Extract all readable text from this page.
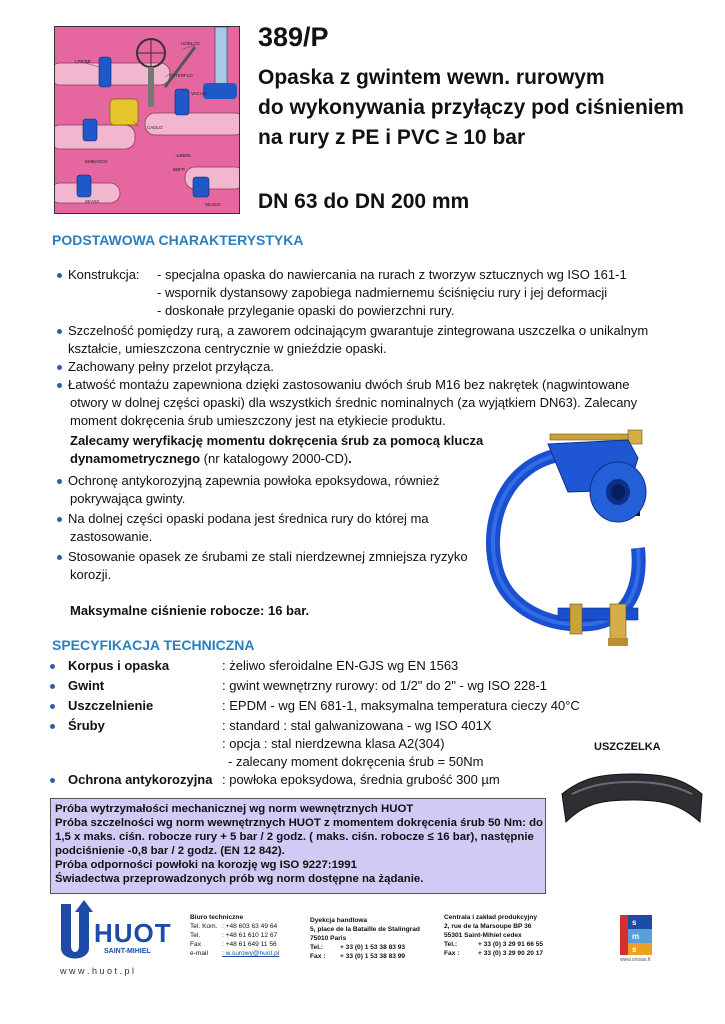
LPB/BB
UOBLOC
FUTERFLO
VACUO
CADLO
LPB/M
EMBASCO
BBFP
SEA53
SEAEO
389/P
Opaska z gwintem wewn. rurowym
do wykonywania przyłączy pod ciśnieniem
na rury z PE i PVC ≥ 10 bar
DN 63 do DN 200 mm
PODSTAWOWA CHARAKTERYSTYKA
Konstrukcja: - specjalna opaska do nawiercania na rurach z tworzyw sztucznych wg ISO 161-1
- wspornik dystansowy zapobiega nadmiernemu ściśnięciu rury i jej deformacji
- doskonałe przyleganie opaski do powierzchni rury.
Szczelność pomiędzy rurą, a zaworem odcinającym gwarantuje zintegrowana uszczelka o unikalnym
kształcie, umieszczona centrycznie w gnieździe opaski.
Zachowany pełny przelot przyłącza.
Łatwość montażu zapewniona dzięki zastosowaniu dwóch śrub M16 bez nakrętek (nagwintowane
otwory w dolnej części opaski) dla wszystkich średnic nominalnych (za wyjątkiem DN63). Zalecany
moment dokręcenia śrub umieszczony jest na etykiecie produktu.
Zalecamy weryfikację momentu dokręcenia śrub za pomocą klucza
dynamometrycznego (nr katalogowy 2000-CD).
Ochronę antykorozyjną zapewnia powłoka epoksydowa, również
pokrywająca gwinty.
Na dolnej części opaski podana jest średnica rury do której ma
zastosowanie.
Stosowanie opasek ze śrubami ze stali nierdzewnej zmniejsza ryzyko
korozji.
Maksymalne ciśnienie robocze: 16 bar.
SPECYFIKACJA TECHNICZNA
Korpus i opaska	: żeliwo sferoidalne EN-GJS wg EN 1563
Gwint	: gwint wewnętrzny rurowy: od 1/2" do 2" - wg ISO 228-1
Uszczelnienie	: EPDM - wg EN 681-1, maksymalna temperatura cieczy 40°C
Śruby	: standard : stal galwanizowana - wg ISO 401X
: opcja : stal nierdzewna klasa A2(304)
- zalecany moment dokręcenia śrub = 50Nm
Ochrona antykorozyjna : powłoka epoksydowa, średnia grubość 300 µm
USZCZELKA
Próba wytrzymałości mechanicznej wg norm wewnętrznych HUOT
Próba szczelności wg norm wewnętrznych HUOT z momentem dokręcenia śrub 50 Nm: do
1,5 x maks. ciśn. robocze rury + 5 bar / 2 godz. ( maks. ciśn. robocze ≤ 16 bar), następnie
podciśnienie -0,8 bar / 2 godz. (EN 12 842).
Próba odporności powłoki na korozję wg ISO 9227:1991
Świadectwa przeprowadzonych prób wg norm dostępne na żądanie.
HUOT
SAINT-MIHIEL
w w w . h u o t . p l
Biuro techniczne
Tel. Kom. : +48 603 63 49 64
Tel.	: +48 61 610 12 67
Fax	: +48 61 649 11 56
e-mail : w.surowy@huot.pl
Dyekcja handlowa
5, place de la Bataille de Stalingrad
75010 Paris
Tel.:	+ 33 (0) 1 53 38 83 93
Fax : + 33 (0) 1 53 38 83 99
Centrala i zakład produkcyjny
2, rue de la Marsoupe BP 36
55301 Saint-Mihiel cedex
Tel.:	+ 33 (0) 3 29 91 66 55
Fax :	+ 33 (0) 3 29 90 20 17
s
m
s
www.smsas.fr
